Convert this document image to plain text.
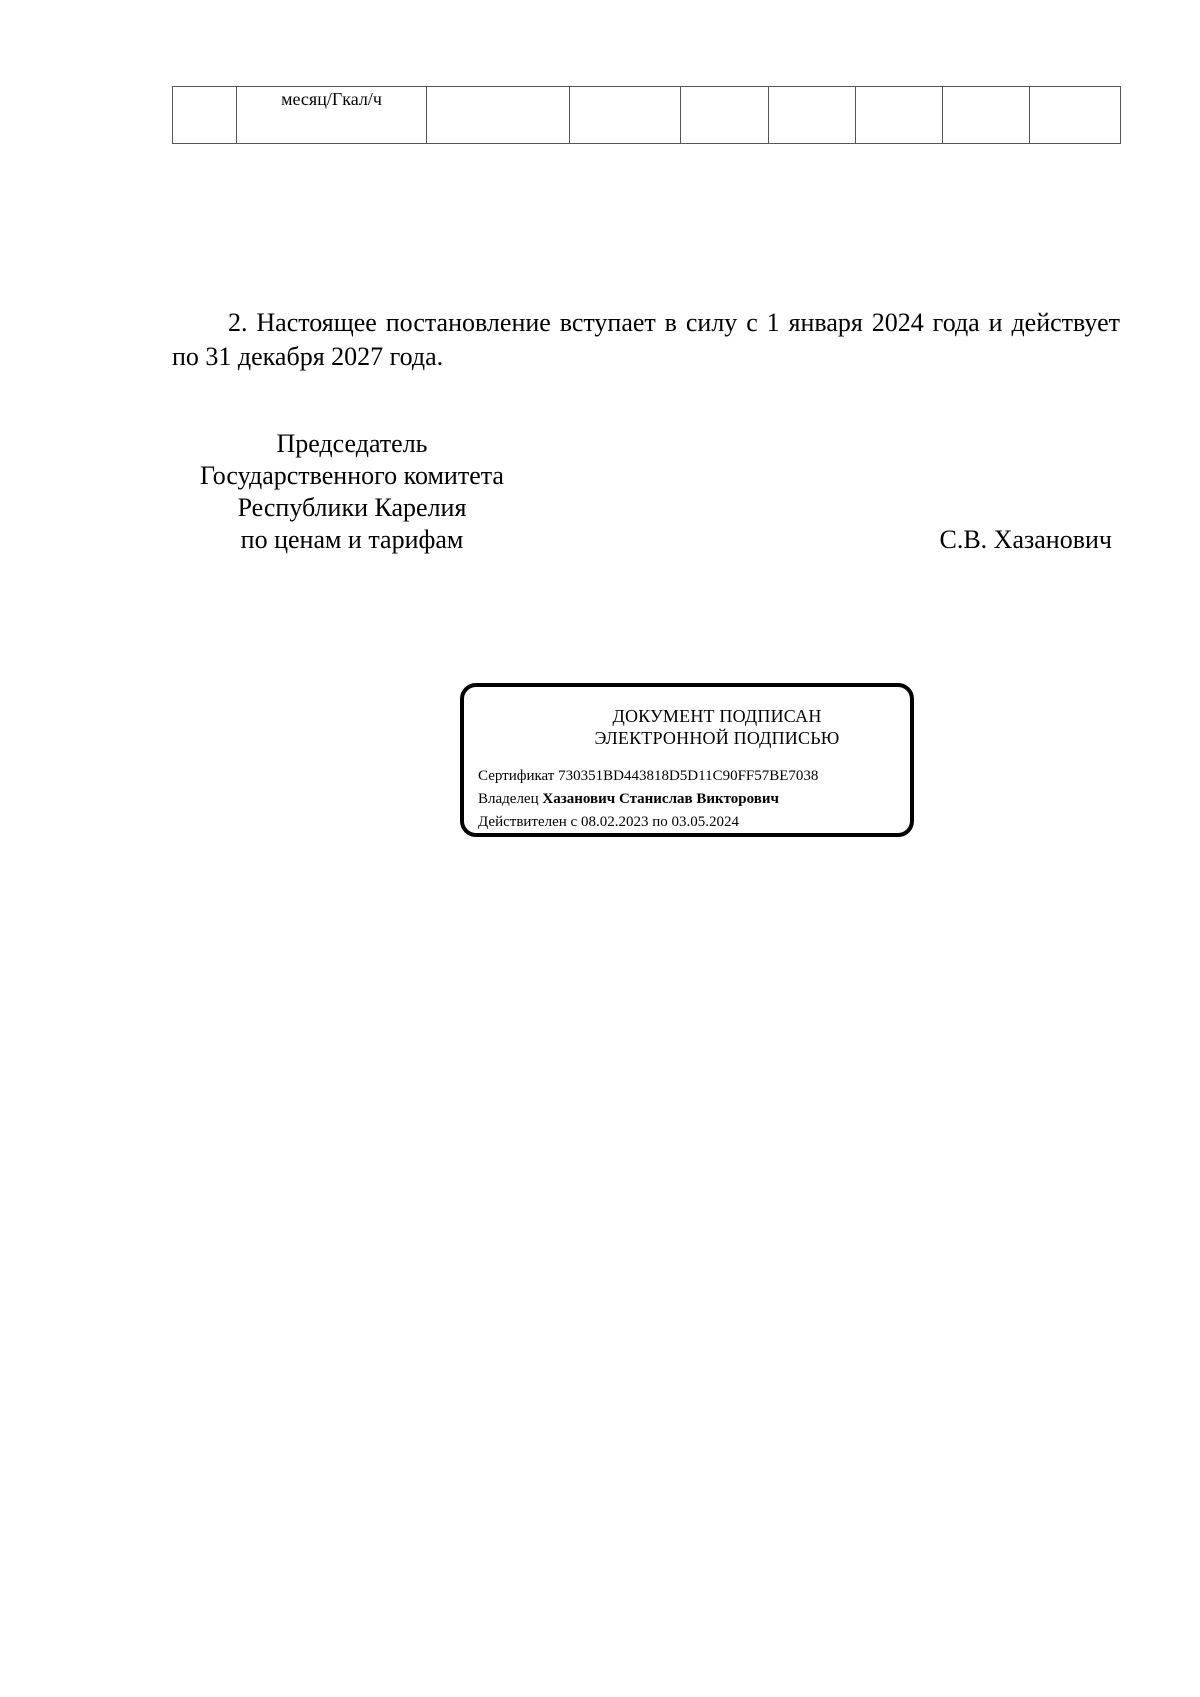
месяц/Гкал/ч

2. Настоящее постановление вступает в силу с 1 января 2024 года и действует по 31 декабря 2027 года.

Председатель
Государственного комитета
Республики Карелия
по ценам и тарифам	С.В. Хазанович
ДОКУМЕНТ ПОДПИСАН
ЭЛЕКТРОННОЙ ПОДПИСЬЮ
Сертификат 730351BD443818D5D11C90FF57BE7038
Владелец Хазанович Станислав Викторович
Действителен с 08.02.2023 по 03.05.2024
